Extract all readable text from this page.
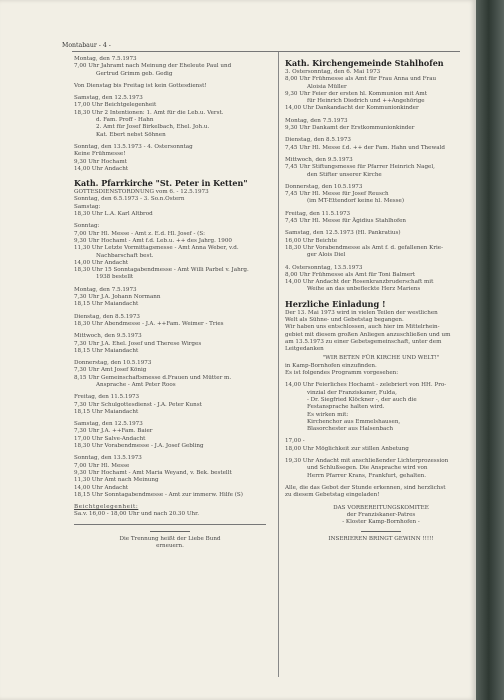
Montabaur - 4 -
Montag, den 7.5.1973
7,00 Uhr Jahramt nach Meinung der Eheleute Paul und
Gertrud Grimm geb. Gedig
Von Dienstag bis Freitag ist kein Gottesdienst!
Samstag, den 12.5.1973
17,00 Uhr Beichtgelegenheit
18,30 Uhr 2 Intentionen: 1. Amt für die Leb.u. Verst.
d. Fam. Proff - Hahn
2. Amt für Josef Birkelbach, Ehel. Joh.u.
Kat. Ebert nebst Söhnen
Sonntag, den 13.5.1973 - 4. Ostersonntag
Keine Frühmesse!
9,30 Uhr Hochamt
14,00 Uhr Andacht
Kath. Pfarrkirche "St. Peter in Ketten"
GOTTESDIENSTORDNUNG vom 6. - 12.5.1973
Sonntag, den 6.5.1973 - 3. So.n.Ostern
Samstag:
18,30 Uhr L.A. Karl Altbrod
Sonntag:
7,00 Uhr Hl. Messe - Amt z. E.d. Hl. Josef - (S:
9,30 Uhr Hochamt - Amt f.d. Leb.u. ++ des Jahrg. 1900
11,30 Uhr Letzte Vormittagsmesse - Amt Anna Weber, v.d.
Nachbarschaft best.
14,00 Uhr Andacht
18,30 Uhr 15 Sonntagabendmesse - Amt Willi Parbel v. Jahrg.
1938 bestellt
Montag, den 7.5.1973
7,30 Uhr J.A. Johann Normann
18,15 Uhr Maiandacht
Dienstag, den 8.5.1973
18,30 Uhr Abendmesse - J.A. ++Fam. Weimer - Tries
Mittwoch, den 9.5.1973
7,30 Uhr J.A. Ehel. Josef und Therese Wirges
18,15 Uhr Maiandacht
Donnerstag, den 10.5.1973
7,30 Uhr Amt Josef König
8,15 Uhr Gemeinschaftsmesse d.Frauen und Mütter m.
Ansprache - Amt Peter Roos
Freitag, den 11.5.1973
7,30 Uhr Schulgottesdienst - J.A. Peter Kunst
18,15 Uhr Maiandacht
Samstag, den 12.5.1973
7,30 Uhr J.A. ++Fam. Baier
17,00 Uhr Salve-Andacht
18,30 Uhr Vorabendmesse - J.A. Josef Gebling
Sonntag, den 13.5.1973
7,00 Uhr Hl. Messe
9,30 Uhr Hochamt - Amt Maria Weyand, v. Bek. bestellt
11,30 Uhr Amt nach Meinung
14,00 Uhr Andacht
18,15 Uhr Sonntagabendmesse - Amt zur immerw. Hilfe (S)
Beichtgelegenheit:
Sa.v. 16,00 - 18,00 Uhr und nach 20.30 Uhr.
Die Trennung heißt der Liebe Bund
erneuern.
Kath. Kirchengemeinde Stahlhofen
3. Ostersonntag, den 6. Mai 1973
8,00 Uhr Frühmesse als Amt für Frau Anna und Frau
Aloisia Müller
9,30 Uhr Feier der ersten hl. Kommunion mit Amt
für Heinrich Diedrich und ++Angehörige
14,00 Uhr Dankandacht der Kommunionkinder
Montag, den 7.5.1973
9,30 Uhr Dankamt der Erstkommunionkinder
Dienstag, den 8.5.1973
7,45 Uhr Hl. Messe f.d. ++ der Fam. Hahn und Thewald
Mittwoch, den 9.5.1973
7,45 Uhr Stiftungsmesse für Pfarrer Heinrich Nagel,
den Stifter unserer Kirche
Donnerstag, den 10.5.1973
7,45 Uhr Hl. Messe für Josef Reusch
(im MT-Ettendorf keine hl. Messe)
Freitag, den 11.5.1973
7,45 Uhr Hl. Messe für Ägidius Stahlhofen
Samstag, den 12.5.1973 (Hl. Pankratius)
16,00 Uhr Beichte
18,30 Uhr Vorabendmesse als Amt f. d. gefallenen Krie-
ger Alois Diel
4. Ostersonntag, 13.5.1973
8,00 Uhr Frühmesse als Amt für Toni Balmert
14,00 Uhr Andacht der Rosenkranzbruderschaft mit
Weihe an das unbefleckte Herz Mariens
Herzliche Einladung !
Der 13. Mai 1973 wird in vielen Teilen der westlichen
Welt als Sühne- und Gebetstag begangen.
Wir haben uns entschlossen, auch hier im Mittelrhein-
gebiet mit diesem großen Anliegen anzuschließen und um
am 13.5.1973 zu einer Gebetsgemeinschaft, unter dem
Leitgedanken
"WIR BETEN FÜR KIRCHE UND WELT!"
in Kamp-Bornhofen einzufinden.
Es ist folgendes Programm vorgesehen:
14,00 Uhr Feierliches Hochamt - zelebriert von HH. Pro-
vinzial der Franziskaner, Fulda,
- Dr. Siegfried Klöckner -, der auch die
Festansprache halten wird.
Es wirken mit:
Kirchenchor aus Emmelshausen,
Blasorchester aus Halsenbach
17,00 -
18,00 Uhr Möglichkeit zur stillen Anbetung
19,30 Uhr Andacht mit anschließender Lichterprozession
und Schlußsegen. Die Ansprache wird von
Herrn Pfarrer Krans, Frankfurt, gehalten.
Alle, die das Gebot der Stunde erkennen, sind herzlichst
zu diesem Gebetstag eingeladen!
DAS VORBEREITUNGSKOMITEE
der Franziskaner-Patres
- Kloster Kamp-Bornhofen -
INSERIEREN BRINGT GEWINN !!!!!
